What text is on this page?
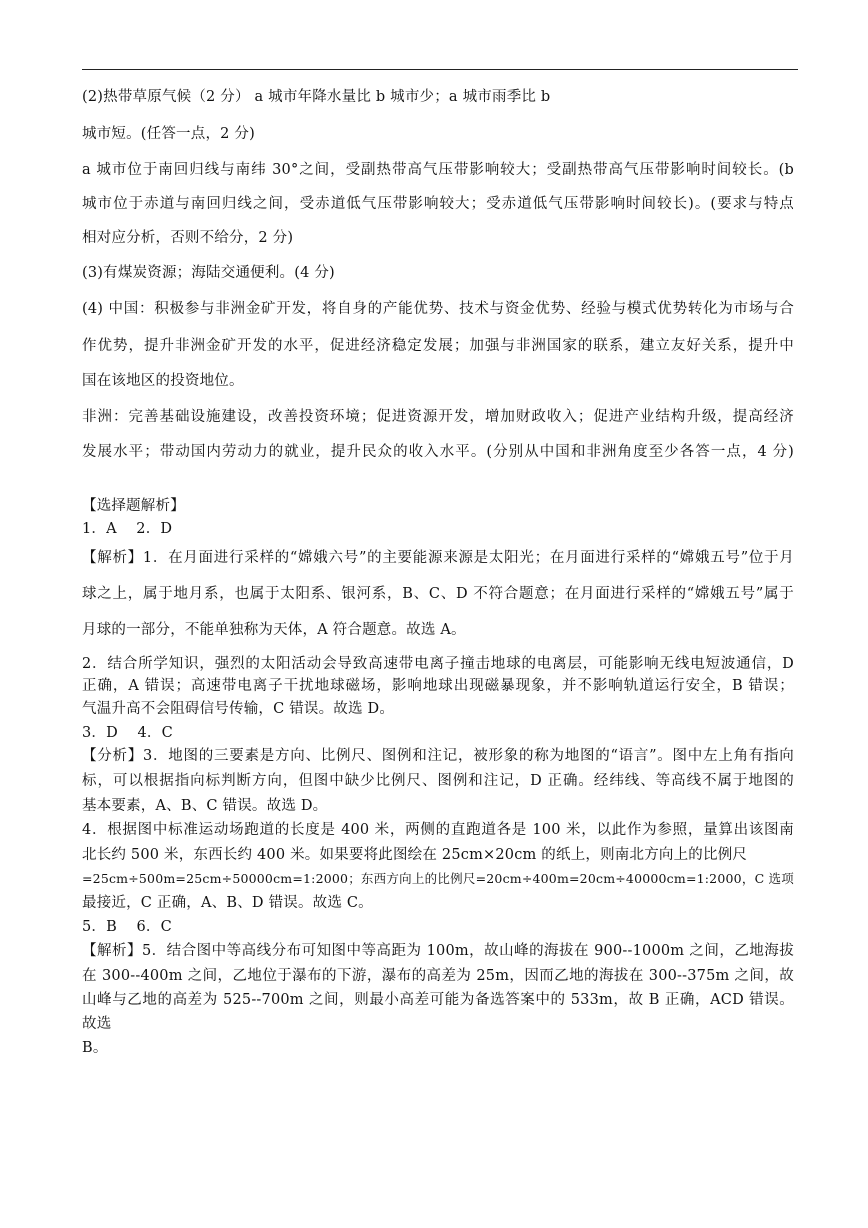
(2)热带草原气候（2 分） a 城市年降水量比 b 城市少；a 城市雨季比 b
城市短。(任答一点，2 分)
a 城市位于南回归线与南纬 30°之间，受副热带高气压带影响较大；受副热带高气压带影响时间较长。(b
城市位于赤道与南回归线之间，受赤道低气压带影响较大；受赤道低气压带影响时间较长)。(要求与特点
相对应分析，否则不给分，2 分)
(3)有煤炭资源；海陆交通便利。(4 分)
(4) 中国：积极参与非洲金矿开发，将自身的产能优势、技术与资金优势、经验与模式优势转化为市场与合
作优势，提升非洲金矿开发的水平，促进经济稳定发展；加强与非洲国家的联系，建立友好关系，提升中
国在该地区的投资地位。
非洲：完善基础设施建设，改善投资环境；促进资源开发，增加财政收入；促进产业结构升级，提高经济
发展水平；带动国内劳动力的就业，提升民众的收入水平。(分别从中国和非洲角度至少各答一点，4 分)
【选择题解析】
1．A　 2．D
【解析】1．在月面进行采样的“嫦娥六号”的主要能源来源是太阳光；在月面进行采样的“嫦娥五号”位于月
球之上，属于地月系，也属于太阳系、银河系，B、C、D 不符合题意；在月面进行采样的“嫦娥五号”属于
月球的一部分，不能单独称为天体，A 符合题意。故选 A。
2．结合所学知识，强烈的太阳活动会导致高速带电离子撞击地球的电离层，可能影响无线电短波通信，D
正确，A 错误；高速带电离子干扰地球磁场，影响地球出现磁暴现象，并不影响轨道运行安全，B 错误；
气温升高不会阻碍信号传输，C 错误。故选 D。
3．D　 4．C
【分析】3．地图的三要素是方向、比例尺、图例和注记，被形象的称为地图的“语言”。图中左上角有指向
标，可以根据指向标判断方向，但图中缺少比例尺、图例和注记，D 正确。经纬线、等高线不属于地图的
基本要素，A、B、C 错误。故选 D。
4．根据图中标准运动场跑道的长度是 400 米，两侧的直跑道各是 100 米，以此作为参照，量算出该图南
北长约 500 米，东西长约 400 米。如果要将此图绘在 25cm×20cm 的纸上，则南北方向上的比例尺
=25cm÷500m=25cm÷50000cm=1:2000；东西方向上的比例尺=20cm÷400m=20cm÷40000cm=1:2000，C 选项
最接近，C 正确，A、B、D 错误。故选 C。
5．B　 6．C
【解析】5．结合图中等高线分布可知图中等高距为 100m，故山峰的海拔在 900--1000m 之间，乙地海拔
在 300--400m 之间，乙地位于瀑布的下游，瀑布的高差为 25m，因而乙地的海拔在 300--375m 之间，故
山峰与乙地的高差为 525--700m 之间，则最小高差可能为备选答案中的 533m，故 B 正确，ACD 错误。
故选
B。
